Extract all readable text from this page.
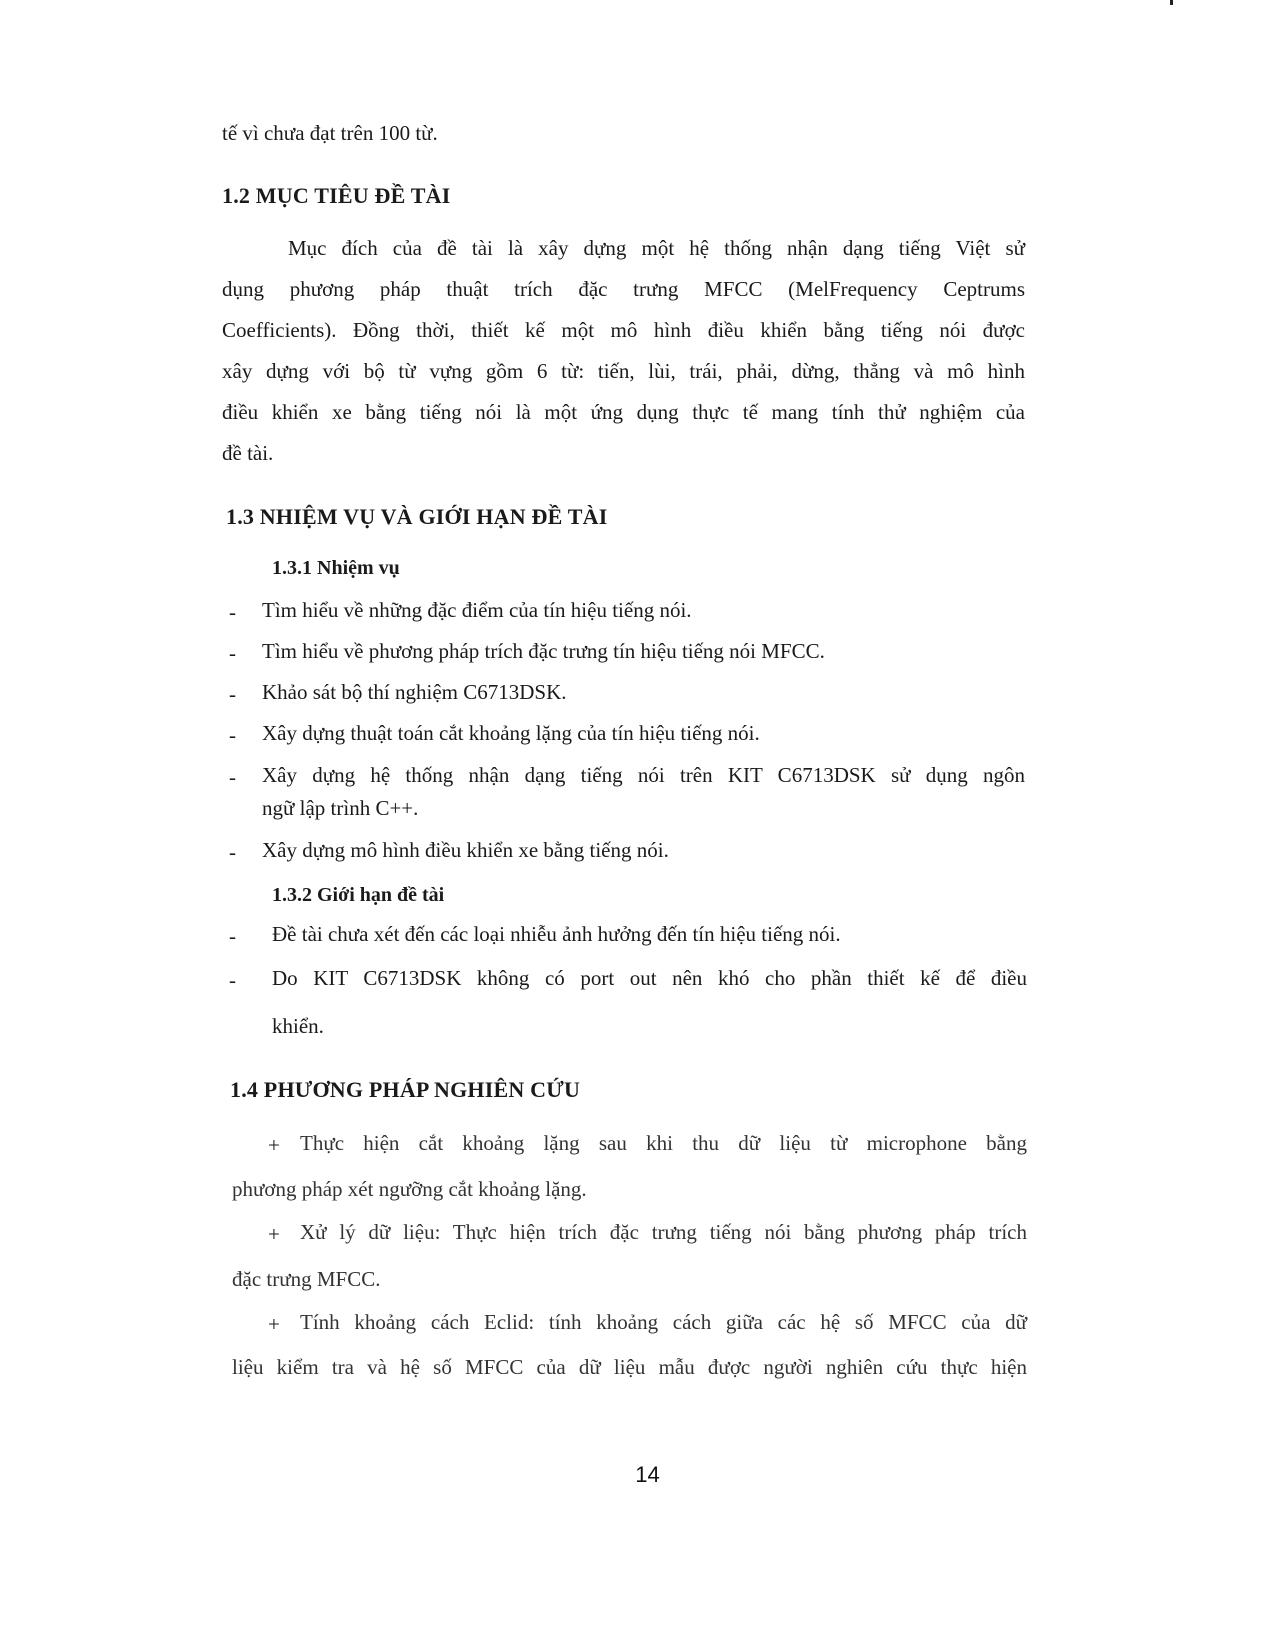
tế vì chưa đạt trên 100 từ.
1.2 MỤC TIÊU ĐỀ TÀI
Mục đích của đề tài là xây dựng một hệ thống nhận dạng tiếng Việt sử
dụng phương pháp thuật trích đặc trưng MFCC (MelFrequency Ceptrums
Coefficients). Đồng thời, thiết kế một mô hình điều khiển bằng tiếng nói được
xây dựng với bộ từ vựng gồm 6 từ: tiến, lùi, trái, phải, dừng, thẳng và mô hình
điều khiển xe bằng tiếng nói là một ứng dụng thực tế mang tính thử nghiệm của
đề tài.
1.3 NHIỆM VỤ VÀ GIỚI HẠN ĐỀ TÀI
1.3.1 Nhiệm vụ
- Tìm hiểu về những đặc điểm của tín hiệu tiếng nói.
- Tìm hiểu về phương pháp trích đặc trưng tín hiệu tiếng nói MFCC.
- Khảo sát bộ thí nghiệm C6713DSK.
- Xây dựng thuật toán cắt khoảng lặng của tín hiệu tiếng nói.
- Xây dựng hệ thống nhận dạng tiếng nói trên KIT C6713DSK sử dụng ngôn
ngữ lập trình C++.
- Xây dựng mô hình điều khiển xe bằng tiếng nói.
1.3.2 Giới hạn đề tài
- Đề tài chưa xét đến các loại nhiễu ảnh hưởng đến tín hiệu tiếng nói.
- Do KIT C6713DSK không có port out nên khó cho phần thiết kế để điều
khiển.
1.4 PHƯƠNG PHÁP NGHIÊN CỨU
+ Thực hiện cắt khoảng lặng sau khi thu dữ liệu từ microphone bằng
phương pháp xét ngưỡng cắt khoảng lặng.
+ Xử lý dữ liệu: Thực hiện trích đặc trưng tiếng nói bằng phương pháp trích
đặc trưng MFCC.
+ Tính khoảng cách Eclid: tính khoảng cách giữa các hệ số MFCC của dữ
liệu kiểm tra và hệ số MFCC của dữ liệu mẫu được người nghiên cứu thực hiện
14
